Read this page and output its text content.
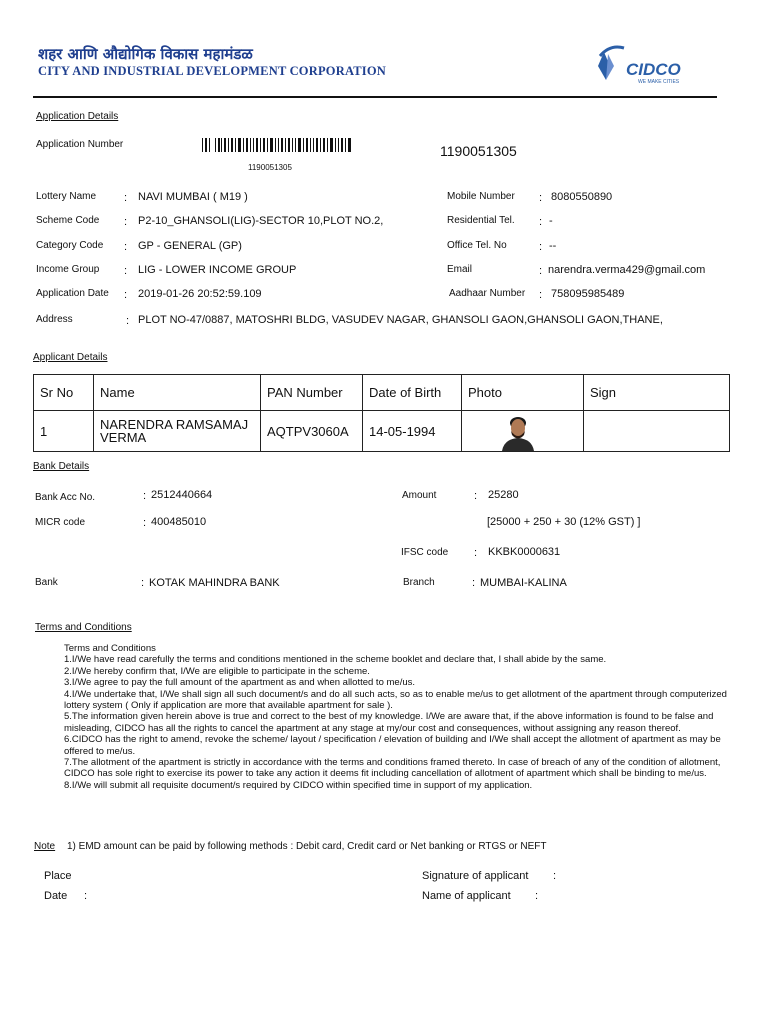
शहर आणि औद्योगिक विकास महामंडळ
CITY AND INDUSTRIAL DEVELOPMENT CORPORATION	CIDCO
WE MAKE CITIES
Application Details
Application Number
1190051305
1190051305
Lottery Name	: NAVI MUMBAI ( M19 )
Scheme Code : P2-10_GHANSOLI(LIG)-SECTOR 10,PLOT NO.2,
Category Code : GP - GENERAL (GP)
Income Group : LIG - LOWER INCOME GROUP
Application Date : 2019-01-26 20:52:59.109
Address	: PLOT NO-47/0887, MATOSHRI BLDG, VASUDEV NAGAR, GHANSOLI GAON,GHANSOLI GAON,THANE,
Mobile Number : 8080550890
Residential Tel. : -
Office Tel. No	: --
Email	: narendra.verma429@gmail.com
Aadhaar Number : 758095985489
Applicant Details
Sr No	Name	PAN Number	Date of Birth	Photo	Sign
1	NARENDRA RAMSAMAJ
VERMA	AQTPV3060A	14-05-1994	

Bank Details
Bank Acc No.	: 2512440664
MICR code	: 400485010
Bank	: KOTAK MAHINDRA BANK
Amount	: 25280
[25000 + 250 + 30 (12% GST) ]
IFSC code : KKBK0000631
Branch	: MUMBAI-KALINA
Terms and Conditions
Terms and Conditions
1.I/We have read carefully the terms and conditions mentioned in the scheme booklet and declare that, I shall abide by the same.
2.I/We hereby confirm that, I/We are eligible to participate in the scheme.
3.I/We agree to pay the full amount of the apartment as and when allotted to me/us.
4.I/We undertake that, I/We shall sign all such document/s and do all such acts, so as to enable me/us to get allotment of the apartment through computerized lottery system ( Only if application are more that available apartment for sale ).
5.The information given herein above is true and correct to the best of my knowledge. I/We are aware that, if the above information is found to be false and misleading, CIDCO has all the rights to cancel the apartment at any stage at my/our cost and consequences, without assigning any reason thereof.
6.CIDCO has the right to amend, revoke the scheme/ layout / specification / elevation of building and I/We shall accept the allotment of apartment as may be offered to me/us.
7.The allotment of the apartment is strictly in accordance with the terms and conditions framed thereto. In case of breach of any of the condition of allotment, CIDCO has sole right to exercise its power to take any action it deems fit including cancellation of allotment of apartment which shall be binding to me/us.
8.I/We will submit all requisite document/s required by CIDCO within specified time in support of my application.
Note 1) EMD amount can be paid by following methods : Debit card, Credit card or Net banking or RTGS or NEFT
Place
Date :
Signature of applicant :
Name of applicant :
